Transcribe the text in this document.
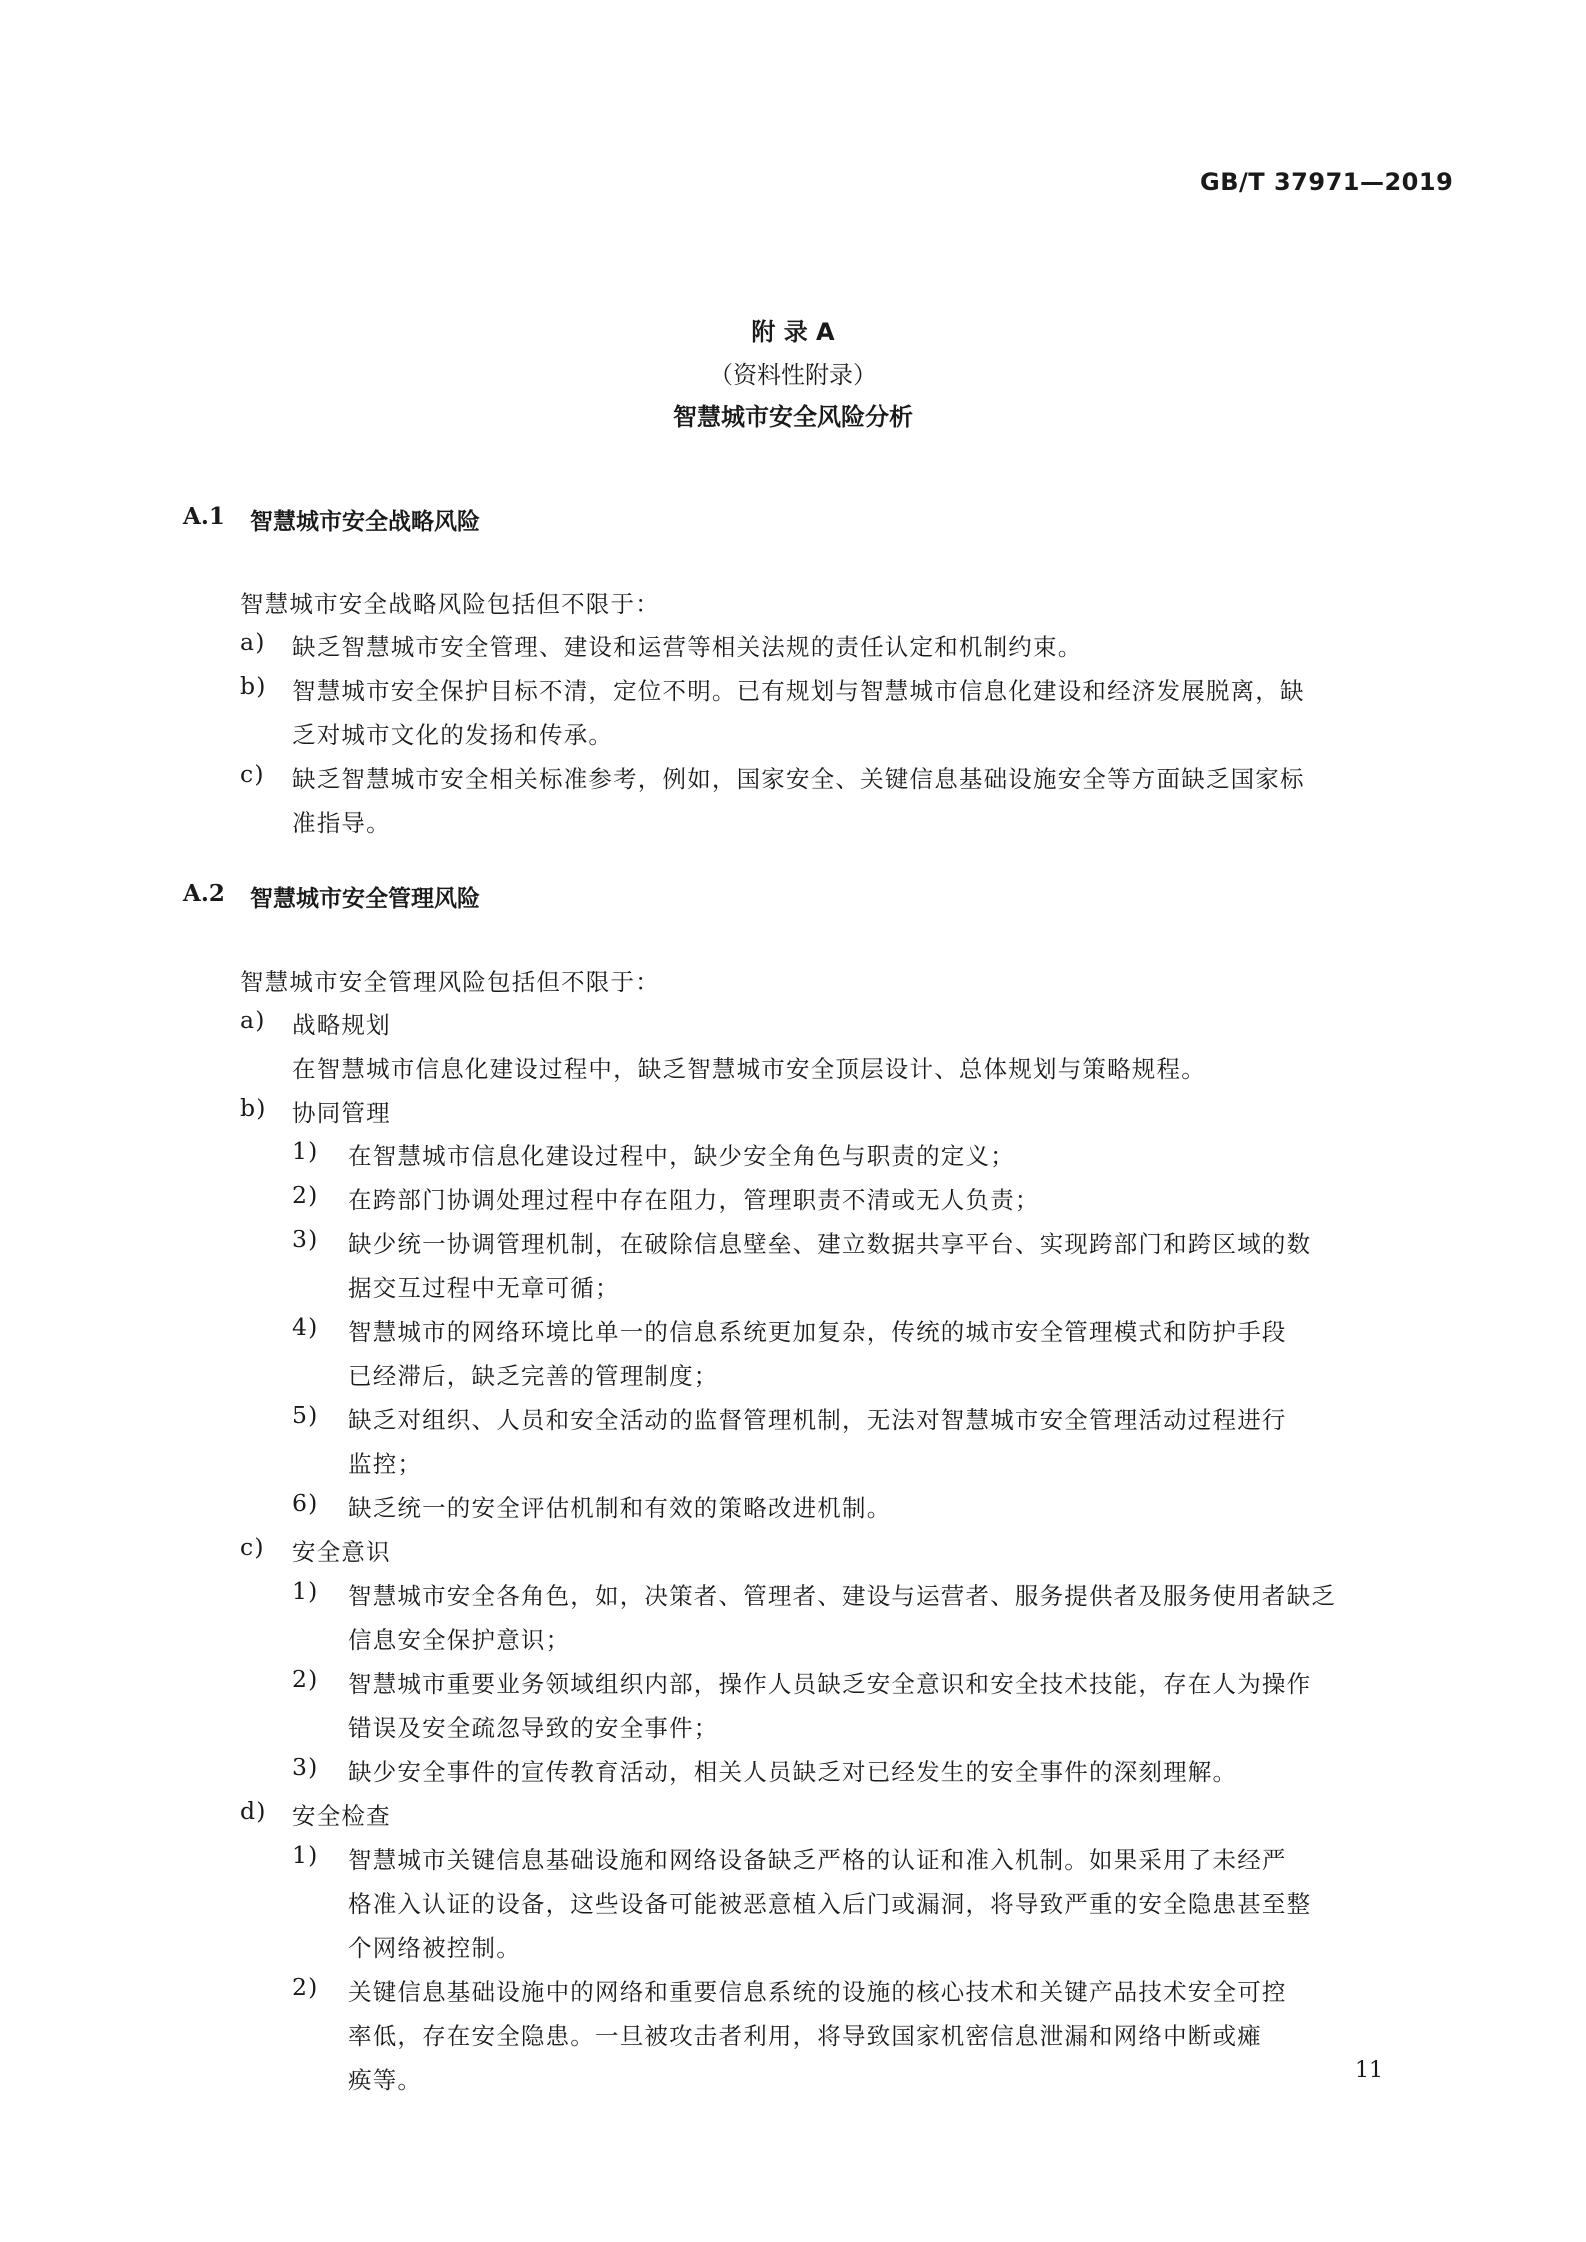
GB/T 37971—2019
附 录 A
（资料性附录）
智慧城市安全风险分析
A.1 智慧城市安全战略风险
智慧城市安全战略风险包括但不限于：
a) 缺乏智慧城市安全管理、建设和运营等相关法规的责任认定和机制约束。
b) 智慧城市安全保护目标不清，定位不明。已有规划与智慧城市信息化建设和经济发展脱离，缺
乏对城市文化的发扬和传承。
c) 缺乏智慧城市安全相关标准参考，例如，国家安全、关键信息基础设施安全等方面缺乏国家标
准指导。
A.2 智慧城市安全管理风险
智慧城市安全管理风险包括但不限于：
a) 战略规划
在智慧城市信息化建设过程中，缺乏智慧城市安全顶层设计、总体规划与策略规程。
b) 协同管理
1) 在智慧城市信息化建设过程中，缺少安全角色与职责的定义；
2) 在跨部门协调处理过程中存在阻力，管理职责不清或无人负责；
3) 缺少统一协调管理机制，在破除信息壁垒、建立数据共享平台、实现跨部门和跨区域的数
据交互过程中无章可循；
4) 智慧城市的网络环境比单一的信息系统更加复杂，传统的城市安全管理模式和防护手段
已经滞后，缺乏完善的管理制度；
5) 缺乏对组织、人员和安全活动的监督管理机制，无法对智慧城市安全管理活动过程进行
监控；
6) 缺乏统一的安全评估机制和有效的策略改进机制。
c) 安全意识
1) 智慧城市安全各角色，如，决策者、管理者、建设与运营者、服务提供者及服务使用者缺乏
信息安全保护意识；
2) 智慧城市重要业务领域组织内部，操作人员缺乏安全意识和安全技术技能，存在人为操作
错误及安全疏忽导致的安全事件；
3) 缺少安全事件的宣传教育活动，相关人员缺乏对已经发生的安全事件的深刻理解。
d) 安全检查
1) 智慧城市关键信息基础设施和网络设备缺乏严格的认证和准入机制。如果采用了未经严
格准入认证的设备，这些设备可能被恶意植入后门或漏洞，将导致严重的安全隐患甚至整
个网络被控制。
2) 关键信息基础设施中的网络和重要信息系统的设施的核心技术和关键产品技术安全可控
率低，存在安全隐患。一旦被攻击者利用，将导致国家机密信息泄漏和网络中断或瘫
痪等。	11
